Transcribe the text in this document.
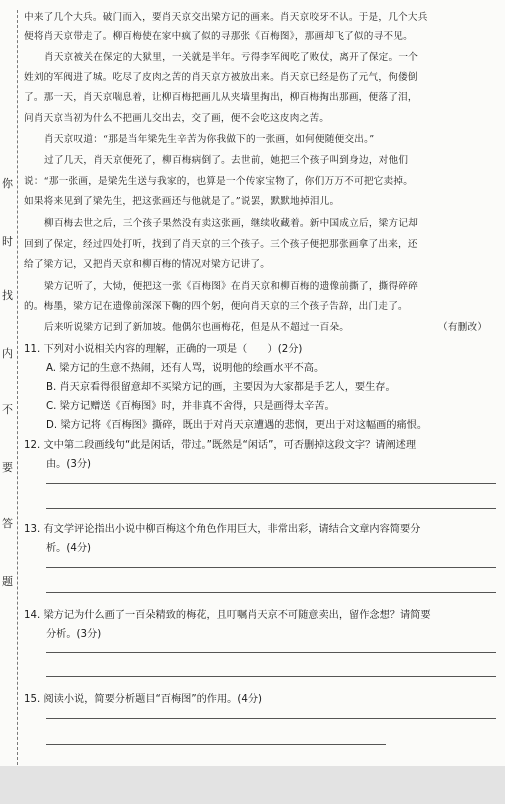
你
时
找
内
不
要
答
题
中来了几个大兵。破门而入，要肖天京交出梁方记的画来。肖天京咬牙不认。于是，几个大兵
便将肖天京带走了。柳百梅使在家中疯了似的寻那张《百梅图》，那画却飞了似的寻不见。
肖天京被关在保定的大狱里，一关就是半年。亏得李军阀吃了败仗，离开了保定。一个
姓刘的军阀进了城。吃尽了皮肉之苦的肖天京方被放出来。肖天京已经是伤了元气，佝偻倒
了。那一天，肖天京喘息着，让柳百梅把画儿从夹墙里掏出，柳百梅掏出那画，便落了泪，
问肖天京当初为什么不把画儿交出去，交了画，便不会吃这皮肉之苦。
肖天京叹道：“那是当年梁先生辛苦为你我做下的一张画，如何便随便交出。”
过了几天，肖天京便死了，柳百梅病倒了。去世前，她把三个孩子叫到身边，对他们
说：“那一张画，是梁先生送与我家的，也算是一个传家宝物了，你们万万不可把它卖掉。
如果将来见到了梁先生，把这张画还与他就是了。”说罢，默默地掉泪儿。
柳百梅去世之后，三个孩子果然没有卖这张画，继续收藏着。新中国成立后，梁方记却
回到了保定，经过四处打听，找到了肖天京的三个孩子。三个孩子便把那张画拿了出来，还
给了梁方记，又把肖天京和柳百梅的情况对梁方记讲了。
梁方记听了，大恸，便把这一张《百梅图》在肖天京和柳百梅的遗像前撕了，撕得碎碎
的。梅墨，梁方记在遗像前深深下鞠的四个躬，便向肖天京的三个孩子告辞，出门走了。
后来听说梁方记到了新加坡。他偶尔也画梅花，但是从不超过一百朵。	（有删改）
11. 下列对小说相关内容的理解，正确的一项是（　　）(2分)
A. 梁方记的生意不热闹，还有人骂，说明他的绘画水平不高。
B. 肖天京看得很留意却不买梁方记的画，主要因为大家都是手艺人，要生存。
C. 梁方记赠送《百梅图》时，并非真不舍得，只是画得太辛苦。
D. 梁方记将《百梅图》撕碎，既出于对肖天京遭遇的悲悯，更出于对这幅画的痛恨。
12. 文中第二段画线句“此是闲话，带过。”既然是“闲话”，可否删掉这段文字？请阐述理
由。(3分)
13. 有文学评论指出小说中柳百梅这个角色作用巨大，非常出彩，请结合文章内容简要分
析。(4分)
14. 梁方记为什么画了一百朵精致的梅花，且叮嘱肖天京不可随意卖出，留作念想？请简要
分析。(3分)
15. 阅读小说，简要分析题目“百梅图”的作用。(4分)
